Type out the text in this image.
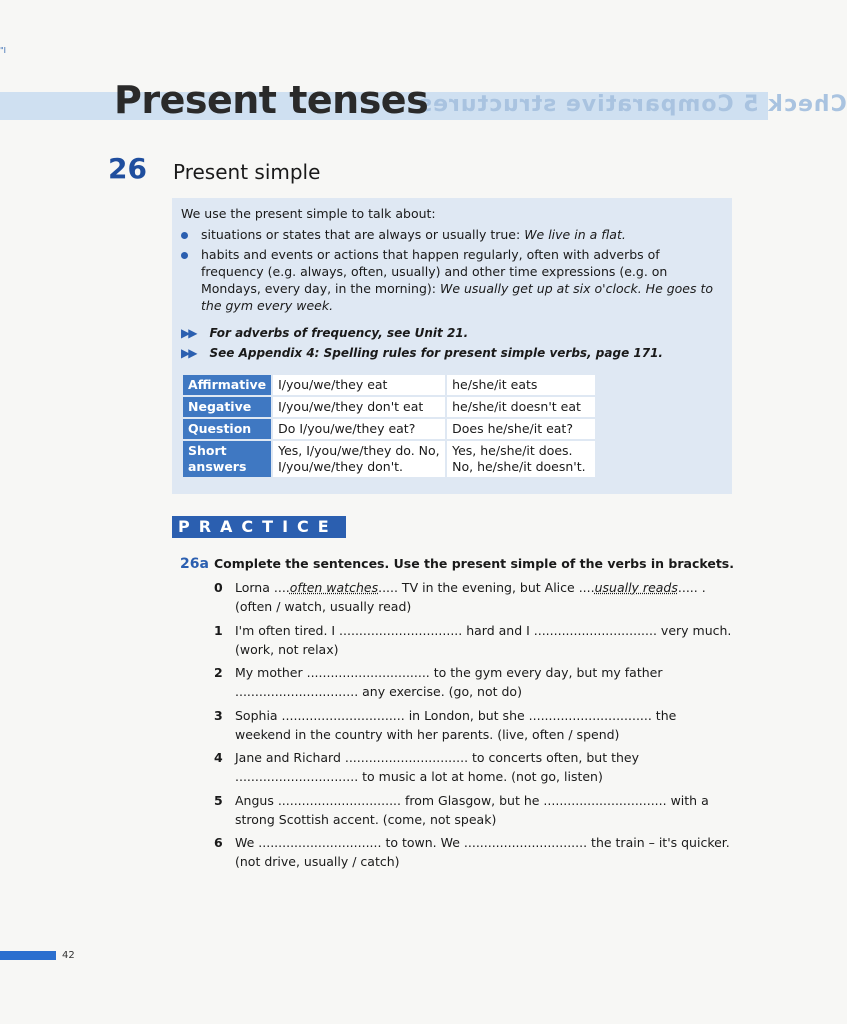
"I
Check 5 Comparative structures
Present tenses
26 Present simple
We use the present simple to talk about:
situations or states that are always or usually true: We live in a flat.
habits and events or actions that happen regularly, often with adverbs of frequency (e.g. always, often, usually) and other time expressions (e.g. on Mondays, every day, in the morning): We usually get up at six o'clock. He goes to the gym every week.
▶▶ For adverbs of frequency, see Unit 21.
▶▶ See Appendix 4: Spelling rules for present simple verbs, page 171.
Affirmative	I/you/we/they eat	he/she/it eats
Negative	I/you/we/they don't eat	he/she/it doesn't eat
Question	Do I/you/we/they eat?	Does he/she/it eat?
Short answers	Yes, I/you/we/they do. No, I/you/we/they don't.	Yes, he/she/it does. No, he/she/it doesn't.
PRACTICE
26a Complete the sentences. Use the present simple of the verbs in brackets.
0 Lorna ....often watches..... TV in the evening, but Alice ....usually reads..... . (often / watch, usually read)
1 I'm often tired. I ............................... hard and I ............................... very much. (work, not relax)
2 My mother ............................... to the gym every day, but my father ............................... any exercise. (go, not do)
3 Sophia ............................... in London, but she ............................... the weekend in the country with her parents. (live, often / spend)
4 Jane and Richard ............................... to concerts often, but they ............................... to music a lot at home. (not go, listen)
5 Angus ............................... from Glasgow, but he ............................... with a strong Scottish accent. (come, not speak)
6 We ............................... to town. We ............................... the train – it's quicker. (not drive, usually / catch)
42
